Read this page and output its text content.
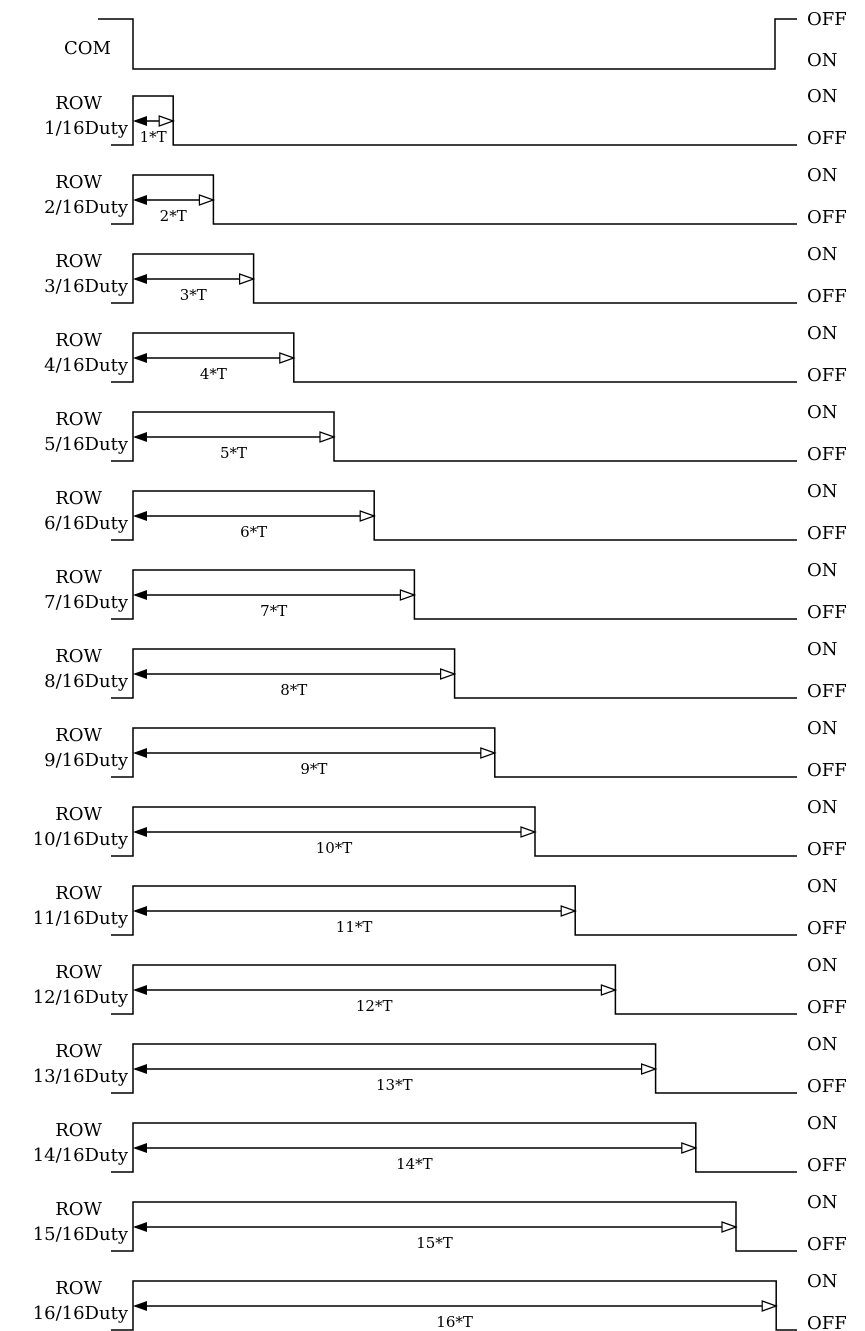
COM
OFF
ON
ROW
1/16Duty 1*T
ON
OFF
ROW
2/16Duty 2*T
ON
OFF
ROW
3/16Duty	3*T
ON
OFF
ROW
4/16Duty	4*T
ON
OFF
ROW
5/16Duty	5*T
ON
OFF
ROW
6/16Duty	6*T
ON
OFF
ROW
7/16Duty	7*T
ON
OFF
ROW
8/16Duty	8*T
ON
OFF
ROW
9/16Duty	9*T
ON
OFF
ROW
10/16Duty	10*T
ON
OFF
ROW
11/16Duty	11*T
ON
OFF
ROW
12/16Duty	12*T
ON
OFF
ROW
13/16Duty	13*T
ON
OFF
ROW
14/16Duty	14*T
ON
OFF
ROW
15/16Duty	15*T
ON
OFF
ROW
16/16Duty	16*T
ON
OFF
